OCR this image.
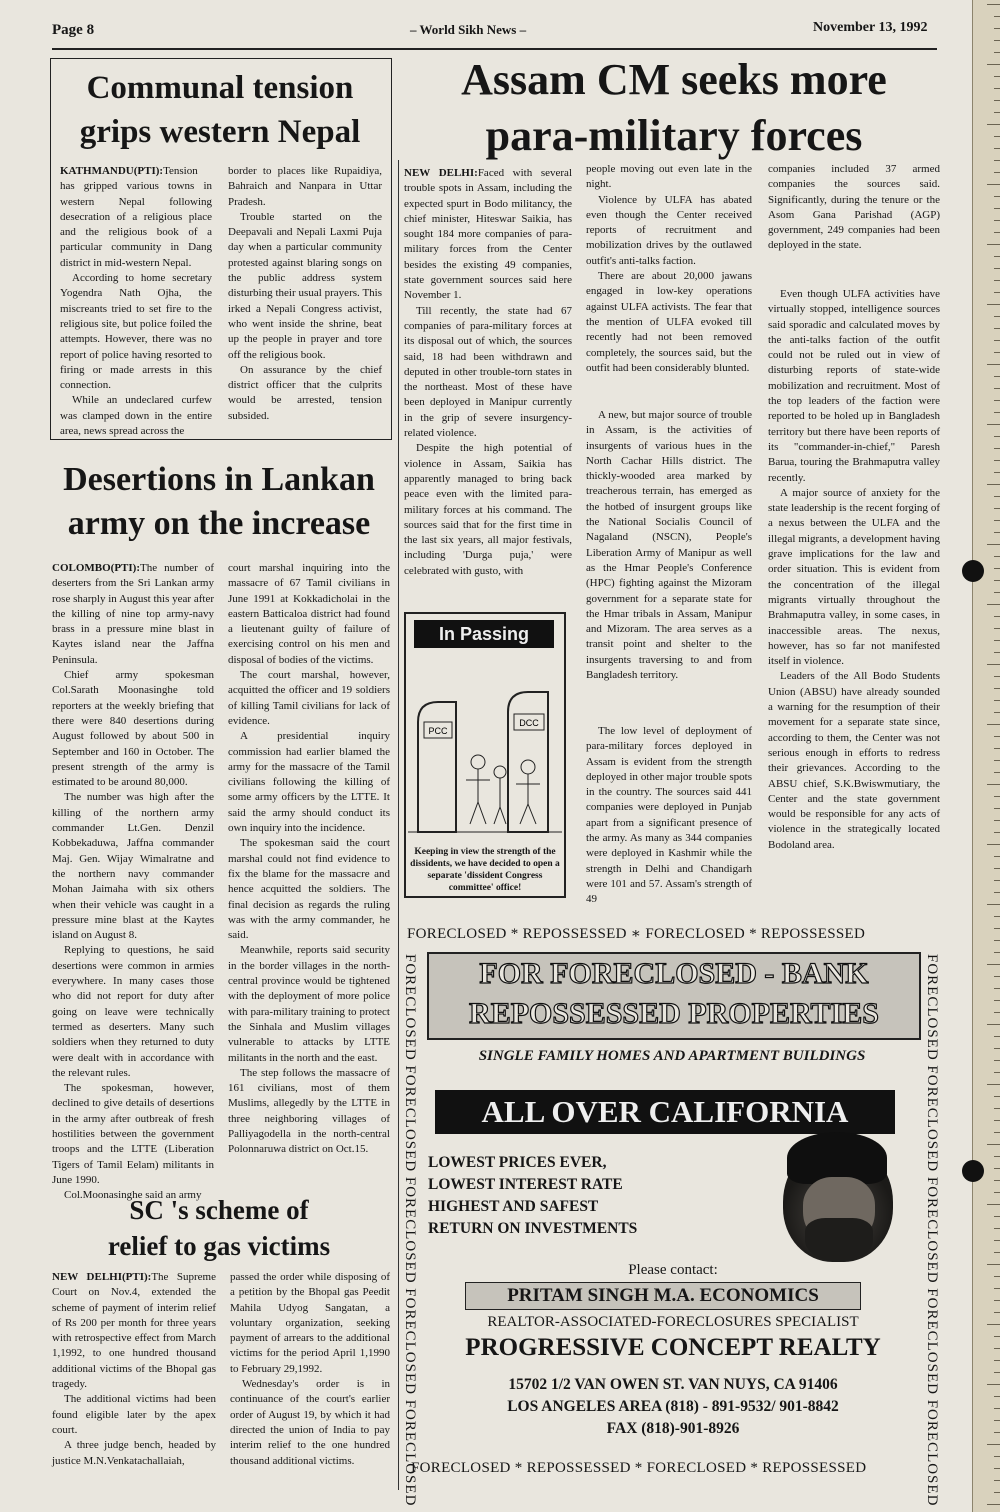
Page 8	– World Sikh News –	November 13, 1992
Communal tension
grips western Nepal

KATHMANDU(PTI):Tension has gripped various towns in western Nepal following desecration of a religious place and the religious book of a particular community in Dang district in mid-western Nepal.

According to home secretary Yogendra Nath Ojha, the miscreants tried to set fire to the religious site, but police foiled the attempts. However, there was no report of police having resorted to firing or made arrests in this connection.

While an undeclared curfew was clamped down in the entire area, news spread across the

border to places like Rupaidiya, Bahraich and Nanpara in Uttar Pradesh.

Trouble started on the Deepavali and Nepali Laxmi Puja day when a particular community protested against blaring songs on the public address system disturbing their usual prayers. This irked a Nepali Congress activist, who went inside the shrine, beat up the people in prayer and tore off the religious book.

On assurance by the chief district officer that the culprits would be arrested, tension subsided.

Desertions in Lankan
army on the increase

COLOMBO(PTI):The number of deserters from the Sri Lankan army rose sharply in August this year after the killing of nine top army-navy brass in a pressure mine blast in Kaytes island near the Jaffna Peninsula.

Chief army spokesman Col.Sarath Moonasinghe told reporters at the weekly briefing that there were 840 desertions during August followed by about 500 in September and 160 in October. The present strength of the army is estimated to be around 80,000.

The number was high after the killing of the northern army commander Lt.Gen. Denzil Kobbekaduwa, Jaffna commander Maj. Gen. Wijay Wimalratne and the northern navy commander Mohan Jaimaha with six others when their vehicle was caught in a pressure mine blast at the Kaytes island on August 8.

Replying to questions, he said desertions were common in armies everywhere. In many cases those who did not report for duty after going on leave were technically termed as deserters. Many such soldiers when they returned to duty were dealt with in accordance with the relevant rules.

The spokesman, however, declined to give details of desertions in the army after outbreak of fresh hostilities between the government troops and the LTTE (Liberation Tigers of Tamil Eelam) militants in June 1990.

Col.Moonasinghe said an army

court marshal inquiring into the massacre of 67 Tamil civilians in June 1991 at Kokkadicholai in the eastern Batticaloa district had found a lieutenant guilty of failure of exercising control on his men and disposal of bodies of the victims.

The court marshal, however, acquitted the officer and 19 soldiers of killing Tamil civilians for lack of evidence.

A presidential inquiry commission had earlier blamed the army for the massacre of the Tamil civilians following the killing of some army officers by the LTTE. It said the army should conduct its own inquiry into the incidence.

The spokesman said the court marshal could not find evidence to fix the blame for the massacre and hence acquitted the soldiers. The final decision as regards the ruling was with the army commander, he said.

Meanwhile, reports said security in the border villages in the north-central province would be tightened with the deployment of more police with para-military training to protect the Sinhala and Muslim villages vulnerable to attacks by LTTE militants in the north and the east.

The step follows the massacre of 161 civilians, most of them Muslims, allegedly by the LTTE in three neighboring villages of Palliyagodella in the north-central Polonnaruwa district on Oct.15.

SC 's scheme of
relief to gas victims

NEW DELHI(PTI):The Supreme Court on Nov.4, extended the scheme of payment of interim relief of Rs 200 per month for three years with retrospective effect from March 1,1992, to one hundred thousand additional victims of the Bhopal gas tragedy.

The additional victims had been found eligible later by the apex court.

A three judge bench, headed by justice M.N.Venkatachallaiah,

passed the order while disposing of a petition by the Bhopal gas Peedit Mahila Udyog Sangatan, a voluntary organization, seeking payment of arrears to the additional victims for the period April 1,1990 to February 29,1992.

Wednesday's order is in continuance of the court's earlier order of August 19, by which it had directed the union of India to pay interim relief to the one hundred thousand additional victims.

Assam CM seeks more
para-military forces

NEW DELHI:Faced with several trouble spots in Assam, including the expected spurt in Bodo militancy, the chief minister, Hiteswar Saikia, has sought 184 more companies of para-military forces from the Center besides the existing 49 companies, state government sources said here November 1.

Till recently, the state had 67 companies of para-military forces at its disposal out of which, the sources said, 18 had been withdrawn and deputed in other trouble-torn states in the northeast. Most of these have been deployed in Manipur currently in the grip of severe insurgency-related violence.

Despite the high potential of violence in Assam, Saikia has apparently managed to bring back peace even with the limited para-military forces at his command. The sources said that for the first time in the last six years, all major festivals, including 'Durga puja,' were celebrated with gusto, with

people moving out even late in the night.

Violence by ULFA has abated even though the Center received reports of recruitment and mobilization drives by the outlawed outfit's anti-talks faction.

There are about 20,000 jawans engaged in low-key operations against ULFA activists. The fear that the mention of ULFA evoked till recently had not been removed completely, the sources said, but the outfit had been considerably blunted.

A new, but major source of trouble in Assam, is the activities of insurgents of various hues in the North Cachar Hills district. The thickly-wooded area marked by treacherous terrain, has emerged as the hotbed of insurgent groups like the National Socialis Council of Nagaland (NSCN), People's Liberation Army of Manipur as well as the Hmar People's Conference (HPC) fighting against the Mizoram government for a separate state for the Hmar tribals in Assam, Manipur and Mizoram. The area serves as a transit point and shelter to the insurgents traversing to and from Bangladesh territory.

The low level of deployment of para-military forces deployed in Assam is evident from the strength deployed in other major trouble spots in the country. The sources said 441 companies were deployed in Punjab apart from a significant presence of the army. As many as 344 companies were deployed in Kashmir while the strength in Delhi and Chandigarh were 101 and 57. Assam's strength of 49

companies included 37 armed companies the sources said. Significantly, during the tenure or the Asom Gana Parishad (AGP) government, 249 companies had been deployed in the state.

Even though ULFA activities have virtually stopped, intelligence sources said sporadic and calculated moves by the anti-talks faction of the outfit could not be ruled out in view of disturbing reports of state-wide mobilization and recruitment. Most of the top leaders of the faction were reported to be holed up in Bangladesh territory but there have been reports of its "commander-in-chief," Paresh Barua, touring the Brahmaputra valley recently.

A major source of anxiety for the state leadership is the recent forging of a nexus between the ULFA and the illegal migrants, a development having grave implications for the law and order situation. This is evident from the concentration of the illegal migrants virtually throughout the Brahmaputra valley, in some cases, in inaccessible areas. The nexus, however, has so far not manifested itself in violence.

Leaders of the All Bodo Students Union (ABSU) have already sounded a warning for the resumption of their movement for a separate state since, according to them, the Center was not serious enough in efforts to redress their grievances. According to the ABSU chief, S.K.Bwiswmutiary, the Center and the state government would be responsible for any acts of violence in the strategically located Bodoland area.

In Passing
PCC
DCC
Keeping in view the strength of the dissidents, we have decided to open a separate 'dissident Congress committee' office!
FORECLOSED * REPOSSESSED ∗ FORECLOSED * REPOSSESSED
FORECLOSED FORECLOSED FORECLOSED FORECLOSED FORECLOSED	FORECLOSED FORECLOSED FORECLOSED FORECLOSED FORECLOSED
FOR FORECLOSED - BANK
REPOSSESSED PROPERTIES
SINGLE FAMILY HOMES AND APARTMENT BUILDINGS
ALL OVER CALIFORNIA
LOWEST PRICES EVER,
LOWEST INTEREST RATE
HIGHEST AND SAFEST
RETURN ON INVESTMENTS
Please contact:
PRITAM SINGH M.A. ECONOMICS
REALTOR-ASSOCIATED-FORECLOSURES SPECIALIST
PROGRESSIVE CONCEPT REALTY
15702 1/2 VAN OWEN ST. VAN NUYS, CA 91406
LOS ANGELES AREA (818) - 891-9532/ 901-8842
FAX (818)-901-8926
FORECLOSED * REPOSSESSED * FORECLOSED * REPOSSESSED
